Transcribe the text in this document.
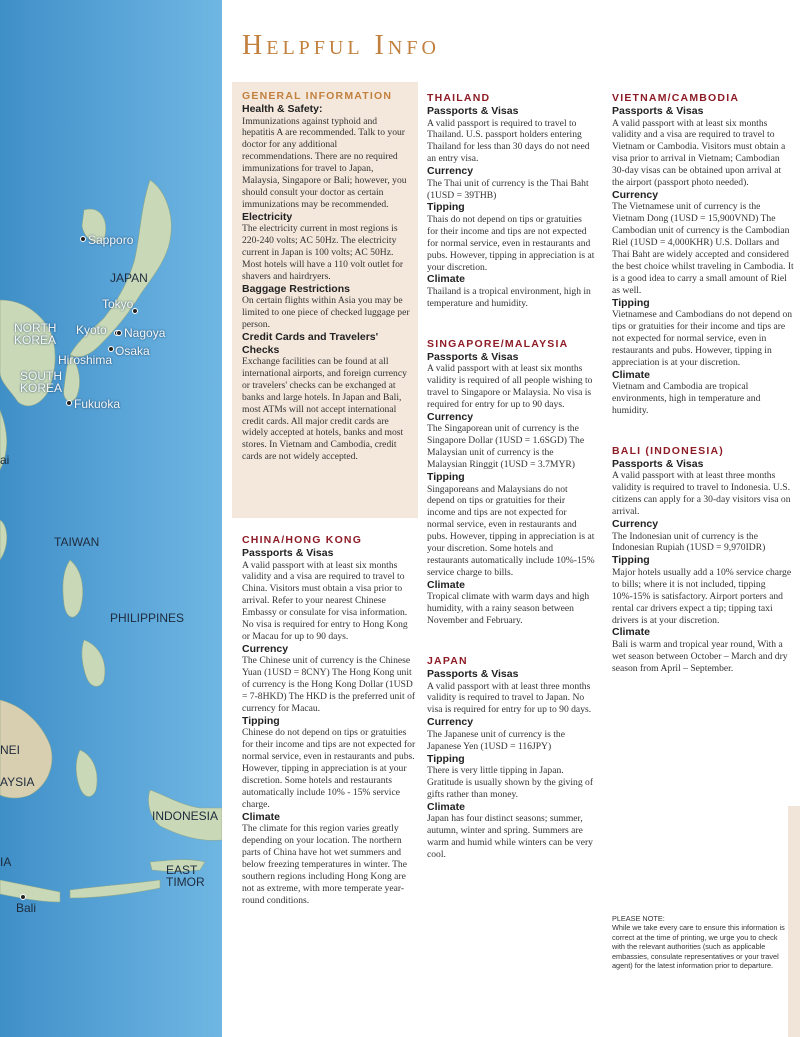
Sapporo
JAPAN
Tokyo
NORTH
KOREA
Kyoto Nagoya
Osaka
Hiroshima
SOUTH
KOREA
Fukuoka
ai
TAIWAN
PHILIPPINES
NEI
AYSIA
INDONESIA
EAST
TIMOR
IA
Bali
Helpful Info

GENERAL INFORMATION

Health & Safety:

Immunizations against typhoid and hepatitis A are recommended. Talk to your doctor for any additional recommendations. There are no required immunizations for travel to Japan, Malaysia, Singapore or Bali; however, you should consult your doctor as certain immunizations may be recommended.

Electricity

The electricity current in most regions is 220-240 volts; AC 50Hz. The electricity current in Japan is 100 volts; AC 50Hz. Most hotels will have a 110 volt outlet for shavers and hairdryers.

Baggage Restrictions

On certain flights within Asia you may be limited to one piece of checked luggage per person.

Credit Cards and Travelers' Checks

Exchange facilities can be found at all international airports, and foreign currency or travelers' checks can be exchanged at banks and large hotels. In Japan and Bali, most ATMs will not accept international credit cards. All major credit cards are widely accepted at hotels, banks and most stores. In Vietnam and Cambodia, credit cards are not widely accepted.

CHINA/HONG KONG

Passports & Visas

A valid passport with at least six months validity and a visa are required to travel to China. Visitors must obtain a visa prior to arrival. Refer to your nearest Chinese Embassy or consulate for visa information. No visa is required for entry to Hong Kong or Macau for up to 90 days.

Currency

The Chinese unit of currency is the Chinese Yuan (1USD = 8CNY) The Hong Kong unit of currency is the Hong Kong Dollar (1USD = 7-8HKD) The HKD is the preferred unit of currency for Macau.

Tipping

Chinese do not depend on tips or gratuities for their income and tips are not expected for normal service, even in restaurants and pubs. However, tipping in appreciation is at your discretion. Some hotels and restaurants automatically include 10% - 15% service charge.

Climate

The climate for this region varies greatly depending on your location. The northern parts of China have hot wet summers and below freezing temperatures in winter. The southern regions including Hong Kong are not as extreme, with more temperate year-round conditions.

THAILAND

Passports & Visas

A valid passport is required to travel to Thailand. U.S. passport holders entering Thailand for less than 30 days do not need an entry visa.

Currency

The Thai unit of currency is the Thai Baht (1USD = 39THB)

Tipping

Thais do not depend on tips or gratuities for their income and tips are not expected for normal service, even in restaurants and pubs. However, tipping in appreciation is at your discretion.

Climate

Thailand is a tropical environment, high in temperature and humidity.

SINGAPORE/MALAYSIA

Passports & Visas

A valid passport with at least six months validity is required of all people wishing to travel to Singapore or Malaysia. No visa is required for entry for up to 90 days.

Currency

The Singaporean unit of currency is the Singapore Dollar (1USD = 1.6SGD) The Malaysian unit of currency is the Malaysian Ringgit (1USD = 3.7MYR)

Tipping

Singaporeans and Malaysians do not depend on tips or gratuities for their income and tips are not expected for normal service, even in restaurants and pubs. However, tipping in appreciation is at your discretion. Some hotels and restaurants automatically include 10%-15% service charge to bills.

Climate

Tropical climate with warm days and high humidity, with a rainy season between November and February.

JAPAN

Passports & Visas

A valid passport with at least three months validity is required to travel to Japan. No visa is required for entry for up to 90 days.

Currency

The Japanese unit of currency is the Japanese Yen (1USD = 116JPY)

Tipping

There is very little tipping in Japan. Gratitude is usually shown by the giving of gifts rather than money.

Climate

Japan has four distinct seasons; summer, autumn, winter and spring. Summers are warm and humid while winters can be very cool.

VIETNAM/CAMBODIA

Passports & Visas

A valid passport with at least six months validity and a visa are required to travel to Vietnam or Cambodia. Visitors must obtain a visa prior to arrival in Vietnam; Cambodian 30-day visas can be obtained upon arrival at the airport (passport photo needed).

Currency

The Vietnamese unit of currency is the Vietnam Dong (1USD = 15,900VND) The Cambodian unit of currency is the Cambodian Riel (1USD = 4,000KHR) U.S. Dollars and Thai Baht are widely accepted and considered the best choice whilst traveling in Cambodia. It is a good idea to carry a small amount of Riel as well.

Tipping

Vietnamese and Cambodians do not depend on tips or gratuities for their income and tips are not expected for normal service, even in restaurants and pubs. However, tipping in appreciation is at your discretion.

Climate

Vietnam and Cambodia are tropical environments, high in temperature and humidity.

BALI (INDONESIA)

Passports & Visas

A valid passport with at least three months validity is required to travel to Indonesia. U.S. citizens can apply for a 30-day visitors visa on arrival.

Currency

The Indonesian unit of currency is the Indonesian Rupiah (1USD = 9,970IDR)

Tipping

Major hotels usually add a 10% service charge to bills; where it is not included, tipping 10%-15% is satisfactory. Airport porters and rental car drivers expect a tip; tipping taxi drivers is at your discretion.

Climate

Bali is warm and tropical year round, With a wet season between October – March and dry season from April – September.

PLEASE NOTE:

While we take every care to ensure this information is correct at the time of printing, we urge you to check with the relevant authorities (such as applicable embassies, consulate representatives or your travel agent) for the latest information prior to departure.
